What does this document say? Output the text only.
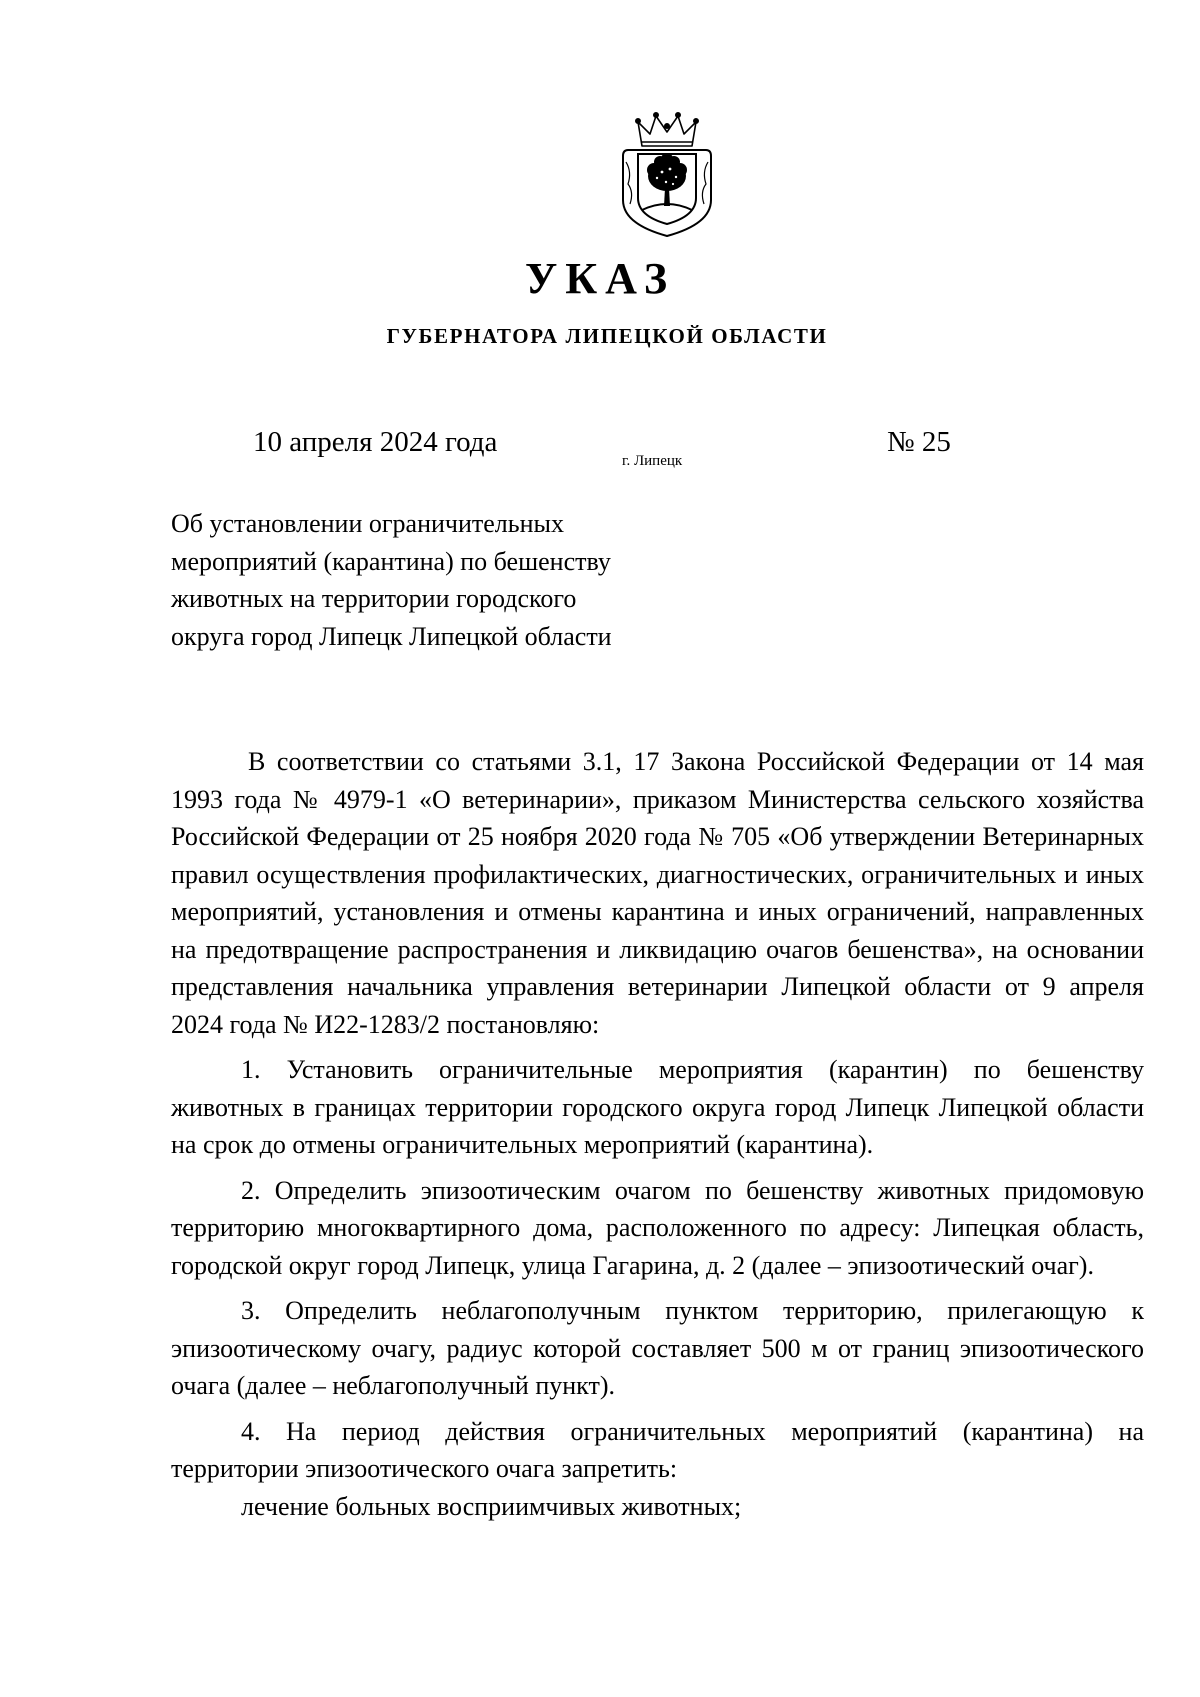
УКАЗ
ГУБЕРНАТОРА ЛИПЕЦКОЙ ОБЛАСТИ
10 апреля 2024 года
г. Липецк
№ 25
Об установлении ограничительных
мероприятий (карантина) по бешенству
животных на территории городского
округа город Липецк Липецкой области

В соответствии со статьями 3.1, 17 Закона Российской Федерации от 14 мая 1993 года № 4979-1 «О ветеринарии», приказом Министерства сельского хозяйства Российской Федерации от 25 ноября 2020 года № 705 «Об утверждении Ветеринарных правил осуществления профилактических, диагностических, ограничительных и иных мероприятий, установления и отмены карантина и иных ограничений, направленных на предотвращение распространения и ликвидацию очагов бешенства», на основании представления начальника управления ветеринарии Липецкой области от 9 апреля 2024 года № И22-1283/2 постановляю:

1. Установить ограничительные мероприятия (карантин) по бешенству животных в границах территории городского округа город Липецк Липецкой области на срок до отмены ограничительных мероприятий (карантина).

2. Определить эпизоотическим очагом по бешенству животных придомовую территорию многоквартирного дома, расположенного по адресу: Липецкая область, городской округ город Липецк, улица Гагарина, д. 2 (далее – эпизоотический очаг).

3. Определить неблагополучным пунктом территорию, прилегающую к эпизоотическому очагу, радиус которой составляет 500 м от границ эпизоотического очага (далее – неблагополучный пункт).

4. На период действия ограничительных мероприятий (карантина) на территории эпизоотического очага запретить:

лечение больных восприимчивых животных;
